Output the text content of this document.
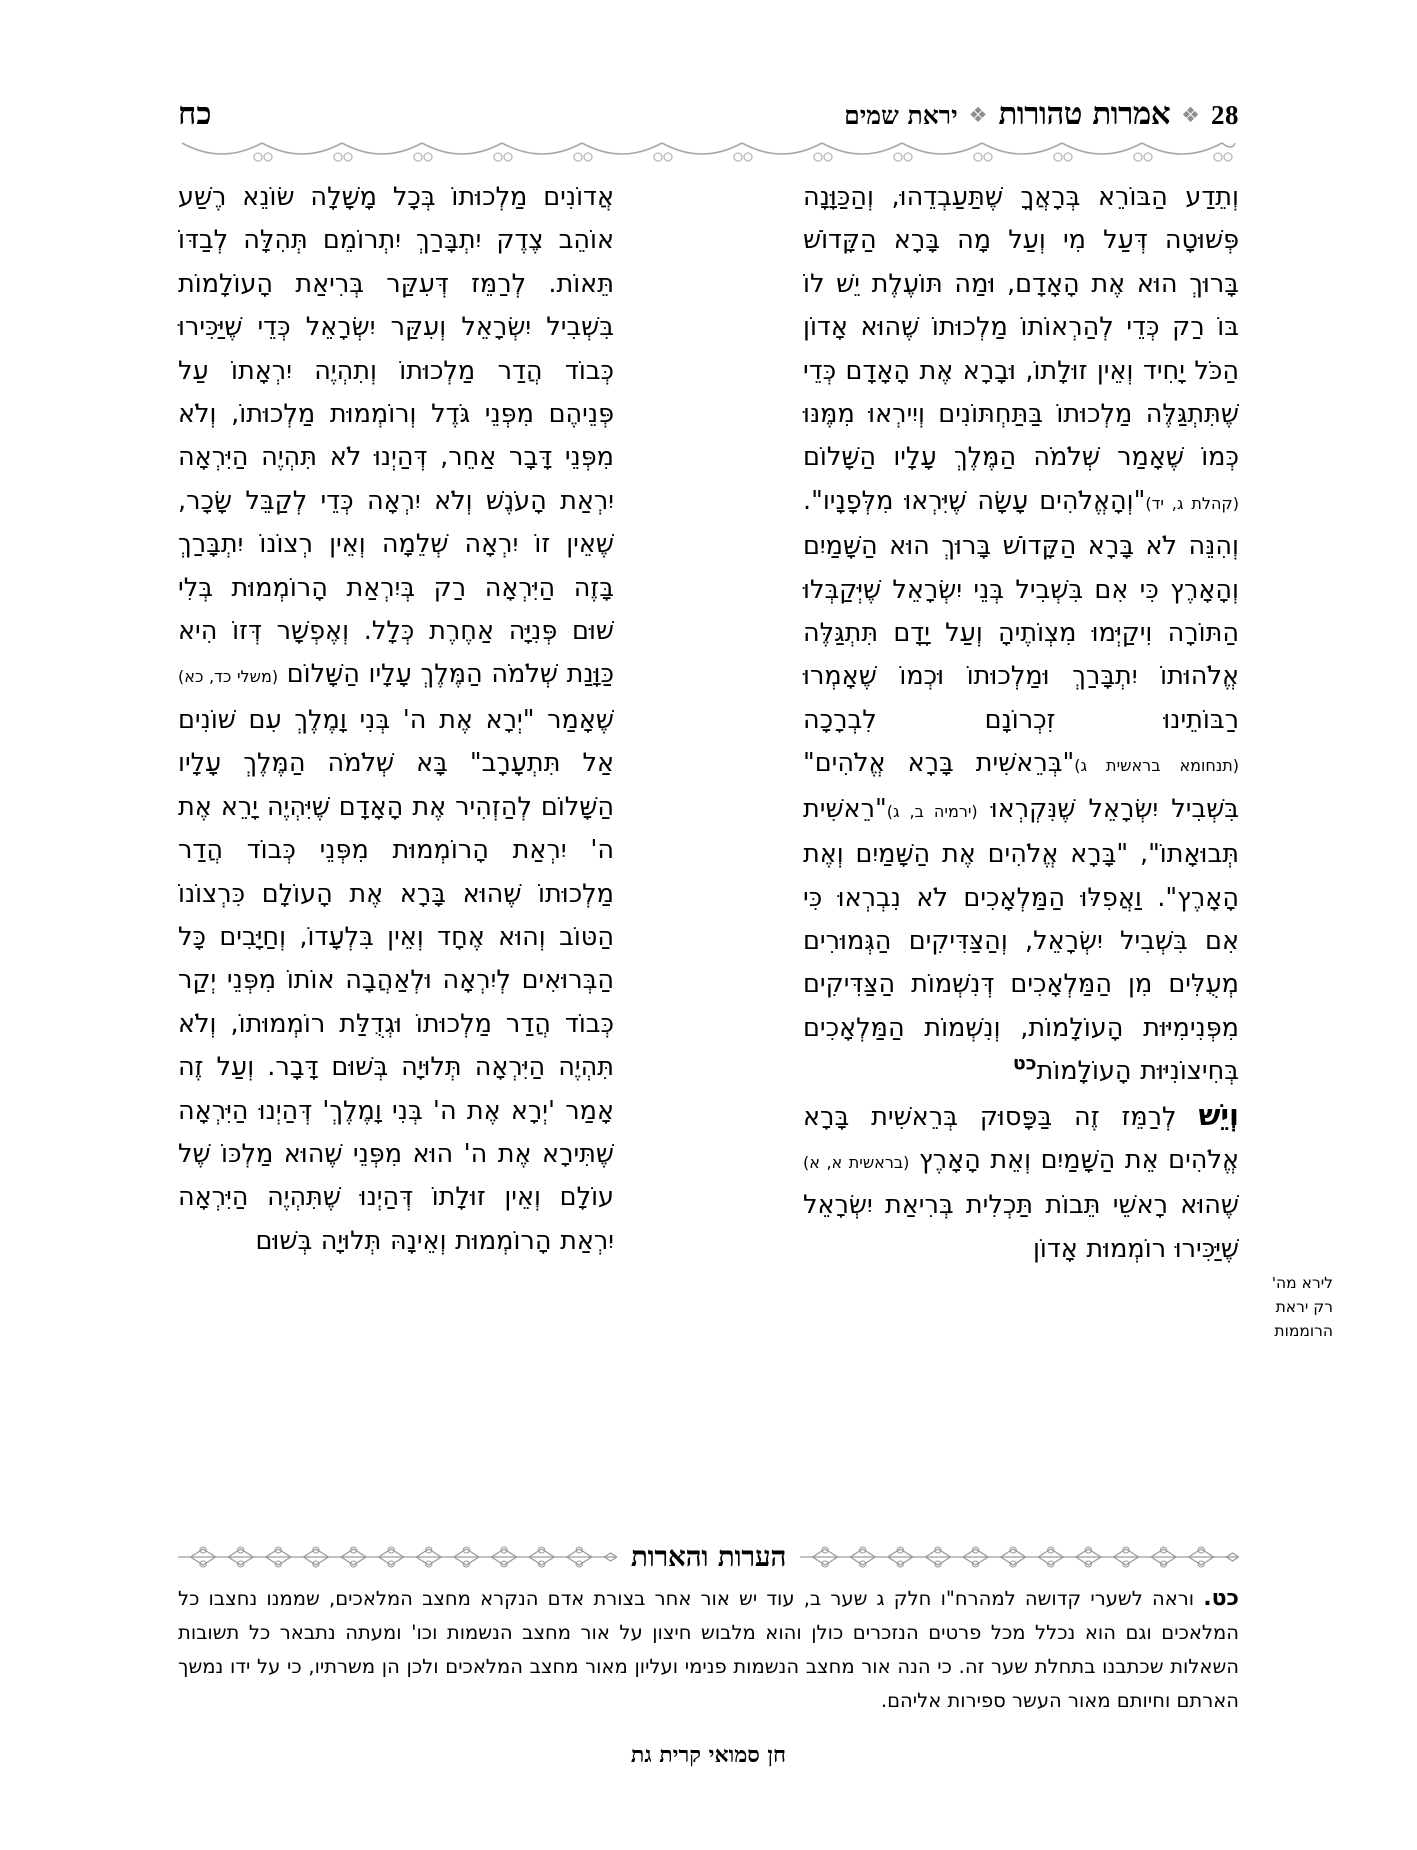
28
❖
אמרות טהורות
❖
יראת שמים
כח

וְתֵדַע הַבּוֹרֵא בְּרָאֲךָ שֶׁתַּעַבְדֵהוּ, וְהַכַּוָּנָה פְּשׁוּטָה דְּעַל מִי וְעַל מָה בָּרָא הַקָּדוֹשׁ בָּרוּךְ הוּא אֶת הָאָדָם, וּמַה תּוֹעֶלֶת יֵשׁ לוֹ בּוֹ רַק כְּדֵי לְהַרְאוֹתוֹ מַלְכוּתוֹ שֶׁהוּא אָדוֹן הַכֹּל יָחִיד וְאֵין זוּלָתוֹ, וּבָרָא אֶת הָאָדָם כְּדֵי שֶׁתִּתְגַּלֶּה מַלְכוּתוֹ בַּתַּחְתּוֹנִים וְיִירְאוּ מִמֶּנּוּ כְּמוֹ שֶׁאָמַר שְׁלֹמֹה הַמֶּלֶךְ עָלָיו הַשָּׁלוֹם (קהלת ג, יד)‏"וְהָאֱלֹהִים עָשָׂה שֶׁיִּרְאוּ מִלְּפָנָיו". וְהִנֵּה לֹא בָּרָא הַקָּדוֹשׁ בָּרוּךְ הוּא הַשָּׁמַיִם וְהָאָרֶץ כִּי אִם בִּשְׁבִיל בְּנֵי יִשְׂרָאֵל שֶׁיְּקַבְּלוּ הַתּוֹרָה וִיקַיְּמוּ מִצְוֹתֶיהָ וְעַל יָדָם תִּתְגַּלֶּה אֱלֹהוּתוֹ יִתְבָּרַךְ וּמַלְכוּתוֹ וּכְמוֹ שֶׁאָמְרוּ רַבּוֹתֵינוּ זִכְרוֹנָם לִבְרָכָה (תנחומא בראשית ג)‏"בְּרֵאשִׁית בָּרָא אֱלֹהִים" בִּשְׁבִיל יִשְׂרָאֵל שֶׁנִּקְרְאוּ (ירמיה ב, ג)‏"רֵאשִׁית תְּבוּאָתוֹ", "בָּרָא אֱלֹהִים אֶת הַשָּׁמַיִם וְאֶת הָאָרֶץ". וַאֲפִלּוּ הַמַּלְאָכִים לֹא נִבְרְאוּ כִּי אִם בִּשְׁבִיל יִשְׂרָאֵל, וְהַצַּדִּיקִים הַגְּמוּרִים מְעֻלִּים מִן הַמַּלְאָכִים דְּנִשְׁמוֹת הַצַּדִּיקִים מִפְּנִימִיּוּת הָעוֹלָמוֹת, וְנִשְׁמוֹת הַמַּלְאָכִים בְּחִיצוֹנִיּוּת הָעוֹלָמוֹת$^{כט}$

וְיֵשׁ לְרַמֵּז זֶה בַּפָּסוּק בְּרֵאשִׁית בָּרָא אֱלֹהִים אֵת הַשָּׁמַיִם וְאֵת הָאָרֶץ (בראשית א, א) שֶׁהוּא רָאשֵׁי תֵּבוֹת תַּכְלִית בְּרִיאַת יִשְׂרָאֵל שֶׁיַּכִּירוּ רוֹמְמוּת אָדוֹן

אֲדוֹנִים מַלְכוּתוֹ בְּכָל מָשָׁלָה שׂוֹנֵא רֶשַׁע אוֹהֵב צֶדֶק יִתְבָּרַךְ יִתְרוֹמֵם תְּהִלָּה לְבַדּוֹ תֵּאוֹת. לְרַמֵּז דְּעִקַּר בְּרִיאַת הָעוֹלָמוֹת בִּשְׁבִיל יִשְׂרָאֵל וְעִקַּר יִשְׂרָאֵל כְּדֵי שֶׁיַּכִּירוּ כְּבוֹד הֲדַר מַלְכוּתוֹ וְתִהְיֶה יִרְאָתוֹ עַל פְּנֵיהֶם מִפְּנֵי גֹּדֶל וְרוֹמְמוּת מַלְכוּתוֹ, וְלֹא מִפְּנֵי דָּבָר אַחֵר, דְּהַיְנוּ לֹא תִּהְיֶה הַיִּרְאָה יִרְאַת הָעֹנֶשׁ וְלֹא יִרְאָה כְּדֵי לְקַבֵּל שָׂכָר, שֶׁאֵין זוֹ יִרְאָה שְׁלֵמָה וְאֵין רְצוֹנוֹ יִתְבָּרַךְ בָּזֶה הַיִּרְאָה רַק בְּיִרְאַת הָרוֹמְמוּת בְּלִי שׁוּם פְּנִיָּה אַחֶרֶת כְּלָל. וְאֶפְשָׁר דְּזוֹ הִיא כַּוָּנַת שְׁלֹמֹה הַמֶּלֶךְ עָלָיו הַשָּׁלוֹם (משלי כד, כא) שֶׁאָמַר "יְרָא אֶת ה' בְּנִי וָמֶלֶךְ עִם שׁוֹנִים אַל תִּתְעָרָב" בָּא שְׁלֹמֹה הַמֶּלֶךְ עָלָיו הַשָּׁלוֹם לְהַזְהִיר אֶת הָאָדָם שֶׁיִּהְיֶה יָרֵא אֶת ה' יִרְאַת הָרוֹמְמוּת מִפְּנֵי כְּבוֹד הֲדַר מַלְכוּתוֹ שֶׁהוּא בָּרָא אֶת הָעוֹלָם כִּרְצוֹנוֹ הַטּוֹב וְהוּא אֶחָד וְאֵין בִּלְעָדוֹ, וְחַיָּבִים כָּל הַבְּרוּאִים לְיִרְאָה וּלְאַהֲבָה אוֹתוֹ מִפְּנֵי יְקַר כְּבוֹד הֲדַר מַלְכוּתוֹ וּגְדֻלַּת רוֹמְמוּתוֹ, וְלֹא תִּהְיֶה הַיִּרְאָה תְּלוּיָה בְּשׁוּם דָּבָר. וְעַל זֶה אָמַר 'יְרָא אֶת ה' בְּנִי וָמֶלֶךְ' דְּהַיְנוּ הַיִּרְאָה שֶׁתִּירָא אֶת ה' הוּא מִפְּנֵי שֶׁהוּא מַלְכּוֹ שֶׁל עוֹלָם וְאֵין זוּלָתוֹ דְּהַיְנוּ שֶׁתִּהְיֶה הַיִּרְאָה יִרְאַת הָרוֹמְמוּת וְאֵינָהּ תְּלוּיָה בְּשׁוּם

לירא מה'
רק יראת
הרוממות
הערות והארות

כט. וראה לשערי קדושה למהרח"ו חלק ג שער ב, עוד יש אור אחר בצורת אדם הנקרא מחצב המלאכים, שממנו נחצבו כל המלאכים וגם הוא נכלל מכל פרטים הנזכרים כולן והוא מלבוש חיצון על אור מחצב הנשמות וכו' ומעתה נתבאר כל תשובות השאלות שכתבנו בתחלת שער זה. כי הנה אור מחצב הנשמות פנימי ועליון מאור מחצב המלאכים ולכן הן משרתיו, כי על ידו נמשך הארתם וחיותם מאור העשר ספירות אליהם.

חן סמואי קרית גת
